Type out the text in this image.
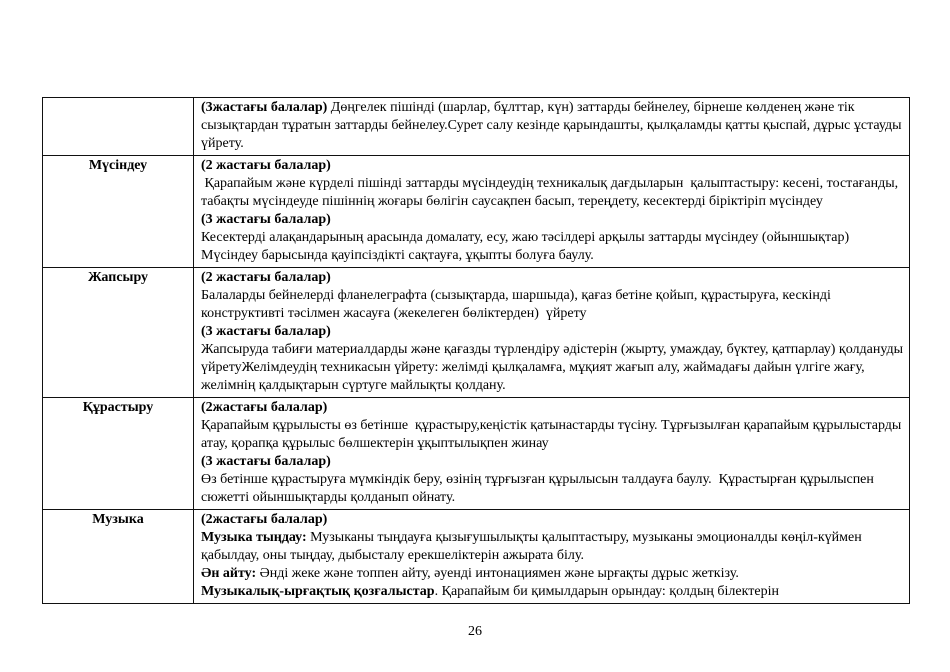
(3жастағы балалар) Дөңгелек пішінді (шарлар, бұлттар, күн) заттарды бейнелеу, бірнеше көлденең және тік сызықтардан тұратын заттарды бейнелеу.Сурет салу кезінде қарындашты, қылқаламды қатты қыспай, дұрыс ұстауды үйрету.
Мүсіндеу	(2 жастағы балалар)
Қарапайым және күрделі пішінді заттарды мүсіндеудің техникалық дағдыларын  қалыптастыру: кесені, тостағанды, табақты мүсіндеуде пішіннің жоғары бөлігін саусақпен басып, тереңдету, кесектерді біріктіріп мүсіндеу
(3 жастағы балалар)
Кесектерді алақандарының арасында домалату, есу, жаю тәсілдері арқылы заттарды мүсіндеу (ойыншықтар)  Мүсіндеу барысында қауіпсіздікті сақтауға, ұқыпты болуға баулу.
Жапсыру	(2 жастағы балалар)
Балаларды бейнелерді фланелеграфта (сызықтарда, шаршыда), қағаз бетіне қойып, құрастыруға, кескінді конструктивті тәсілмен жасауға (жекелеген бөліктерден)  үйрету
(3 жастағы балалар)
Жапсыруда табиғи материалдарды және қағазды түрлендіру әдістерін (жырту, умаждау, бүктеу, қатпарлау) қолдануды үйретуЖелімдеудің техникасын үйрету: желімді қылқаламға, мұқият жағып алу, жаймадағы дайын үлгіге жағу, желімнің қалдықтарын сүртуге майлықты қолдану.
Құрастыру	(2жастағы балалар)
Қарапайым құрылысты өз бетінше  құрастыру,кеңістік қатынастарды түсіну. Тұрғызылған қарапайым құрылыстарды атау, қорапқа құрылыс бөлшектерін ұқыптылықпен жинау
(3 жастағы балалар)
Өз бетінше құрастыруға мүмкіндік беру, өзінің тұрғызған құрылысын талдауға баулу.  Құрастырған құрылыспен сюжетті ойыншықтарды қолданып ойнату.
Музыка	(2жастағы балалар)
Музыка тыңдау: Музыканы тыңдауға қызығушылықты қалыптастыру, музыканы эмоционалды көңіл-күймен қабылдау, оны тыңдау, дыбысталу ерекшеліктерін ажырата білу.
Ән айту: Әнді жеке және топпен айту, әуенді интонациямен және ырғақты дұрыс жеткізу.
Музыкалық-ырғақтық қозғалыстар. Қарапайым би қимылдарын орындау: қолдың білектерін
26
